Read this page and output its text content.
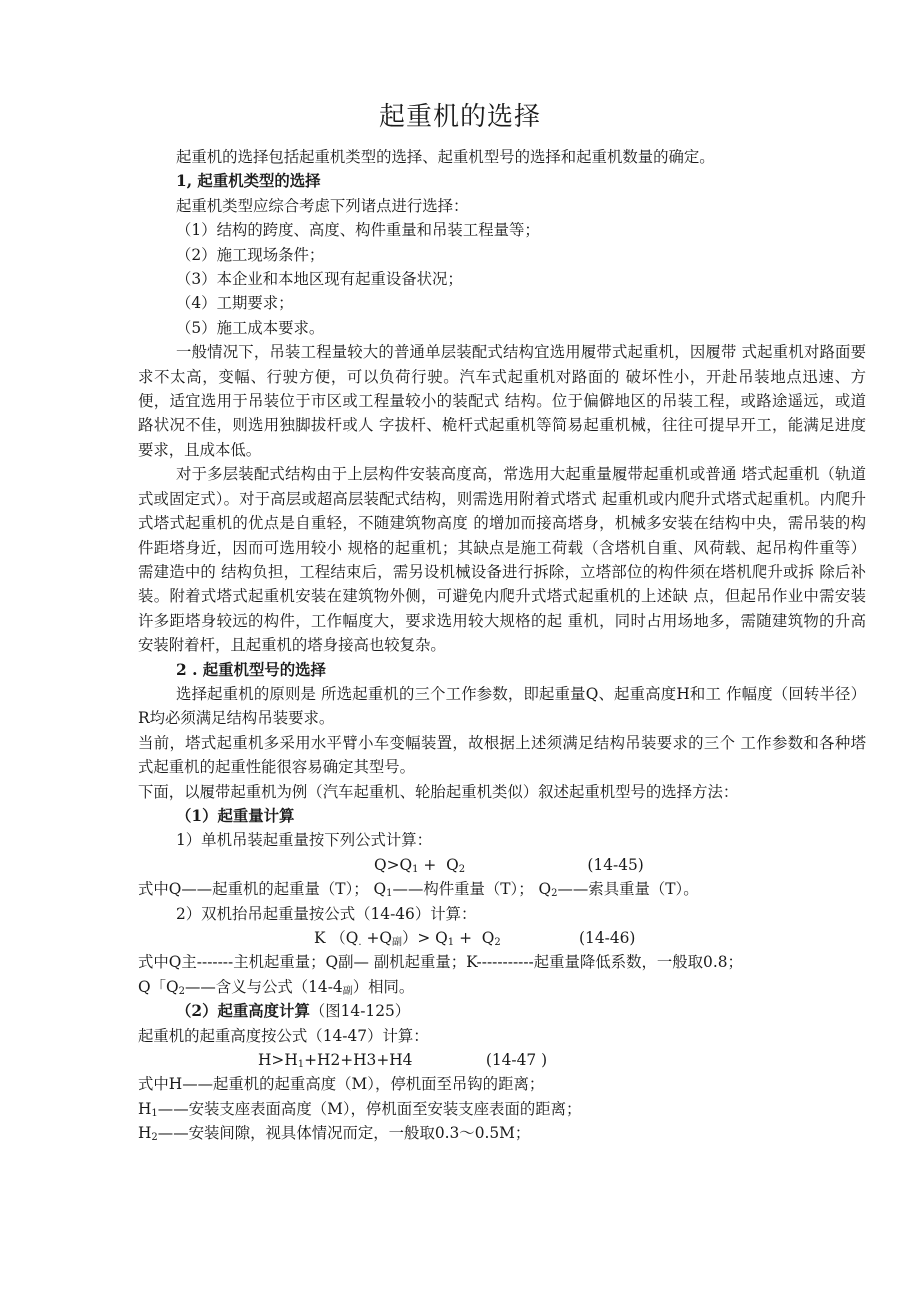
起重机的选择

起重机的选择包括起重机类型的选择、起重机型号的选择和起重机数量的确定。

1, 起重机类型的选择

起重机类型应综合考虑下列诸点进行选择：

（1）结构的跨度、高度、构件重量和吊装工程量等；

（2）施工现场条件；

（3）本企业和本地区现有起重设备状况；

（4）工期要求；

（5）施工成本要求。

一般情况下，吊装工程量较大的普通单层装配式结构宜选用履带式起重机，因履带 式起重机对路面要求不太高，变幅、行驶方便，可以负荷行驶。汽车式起重机对路面的 破坏性小，开赴吊装地点迅速、方便，适宜选用于吊装位于市区或工程量较小的装配式 结构。位于偏僻地区的吊装工程，或路途遥远，或道路状况不佳，则选用独脚拔杆或人 字拔杆、桅杆式起重机等简易起重机械，往往可提早开工，能满足进度要求，且成本低。

对于多层装配式结构由于上层构件安装高度高，常选用大起重量履带起重机或普通 塔式起重机（轨道式或固定式）。对于高层或超高层装配式结构，则需选用附着式塔式 起重机或内爬升式塔式起重机。内爬升式塔式起重机的优点是自重轻，不随建筑物高度 的增加而接高塔身，机械多安装在结构中央，需吊装的构件距塔身近，因而可选用较小 规格的起重机；其缺点是施工荷载（含塔机自重、风荷载、起吊构件重等）需建造中的 结构负担，工程结束后，需另设机械设备进行拆除，立塔部位的构件须在塔机爬升或拆 除后补装。附着式塔式起重机安装在建筑物外侧，可避免内爬升式塔式起重机的上述缺 点，但起吊作业中需安装许多距塔身较远的构件，工作幅度大，要求选用较大规格的起 重机，同时占用场地多，需随建筑物的升高安装附着杆，且起重机的塔身接高也较复杂。

2 . 起重机型号的选择

选择起重机的原则是 所选起重机的三个工作参数，即起重量Q、起重高度H和工 作幅度（回转半径）R均必须满足结构吊装要求。

当前，塔式起重机多采用水平臂小车变幅装置，故根据上述须满足结构吊装要求的三个 工作参数和各种塔式起重机的起重性能很容易确定其型号。

下面，以履带起重机为例（汽车起重机、轮胎起重机类似）叙述起重机型号的选择方法：

（1）起重量计算

1）单机吊装起重量按下列公式计算：

$Q>Q_1 + Q_2$	(14-45)

式中Q——起重机的起重量（T）； $Q_1——$构件重量（T）； $Q_2——$索具重量（T）。

2）双机抬吊起重量按公式（14-46）计算：

K $(Q_. +Q_副)> Q_1 + Q_2$	(14-46)

式中Q主-------主机起重量；Q副— 副机起重量；K-----------起重量降低系数，一般取0.8；

Q「$Q_2——$含义与公式$(14-4_副)$相同。

（2）起重高度计算（图14-125）

起重机的起重高度按公式（14-47）计算：

$H>H_1+H2+H3+H4$	(14-47 )

式中H——起重机的起重高度（M），停机面至吊钩的距离；

$H_1——$安装支座表面高度（M），停机面至安装支座表面的距离；

$H_2——$安装间隙，视具体情况而定，一般取0.3〜0.5M；
